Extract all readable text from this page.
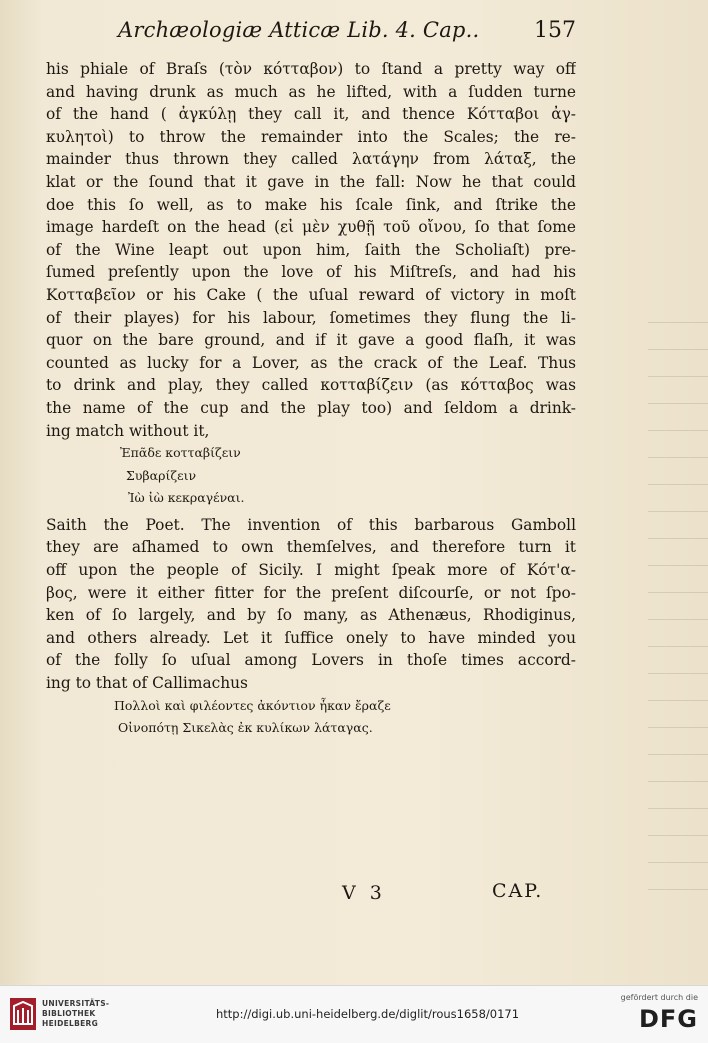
Archæologiæ Atticæ Lib. 4. Cap.. 157
his phiale of Braſs (τὸν κότταβον) to ſtand a pretty way off
and having drunk as much as he lifted, with a ſudden turne
of the hand ( ἀγκύλῃ they call it, and thence Κότταβοι ἀγ-
κυλητοὶ) to throw the remainder into the Scales; the re-
mainder thus thrown they called λατάγην from λάταξ, the
klat or the ſound that it gave in the fall: Now he that could
doe this ſo well, as to make his ſcale ſink, and ſtrike the
image hardeſt on the head (εἰ μὲν χυθῇ τοῦ οἴνου, ſo that ſome
of the Wine leapt out upon him, ſaith the Scholiaſt) pre-
ſumed preſently upon the love of his Miſtreſs, and had his
Κοτταβεῖον or his Cake ( the uſual reward of victory in moſt
of their playes) for his labour, ſometimes they flung the li-
quor on the bare ground, and if it gave a good flaſh, it was
counted as lucky for a Lover, as the crack of the Leaf. Thus
to drink and play, they called κοτταβίζειν (as κότταβος was
the name of the cup and the play too) and ſeldom a drink-
ing match without it,
Ἐπᾶδε κοτταβίζειν
Συβαρίζειν
Ἰὼ ἰὼ κεκραγέναι.
Saith the Poet. The invention of this barbarous Gamboll
they are aſhamed to own themſelves, and therefore turn it
off upon the people of Sicily. I might ſpeak more of Κότ'α-
βος, were it either fitter for the preſent diſcourſe, or not ſpo-
ken of ſo largely, and by ſo many, as Athenæus, Rhodiginus,
and others already. Let it ſuffice onely to have minded you
of the folly ſo uſual among Lovers in thoſe times accord-
ing to that of Callimachus
Πολλοὶ καὶ φιλέοντες ἀκόντιον ἧκαν ἔραζε
Οἰνοπότῃ Σικελὰς ἐκ κυλίκων λάταγας.
V 3	CAP.
UNIVERSITÄTS-
BIBLIOTHEK
HEIDELBERG
http://digi.ub.uni-heidelberg.de/diglit/rous1658/0171
gefördert durch die
DFG
